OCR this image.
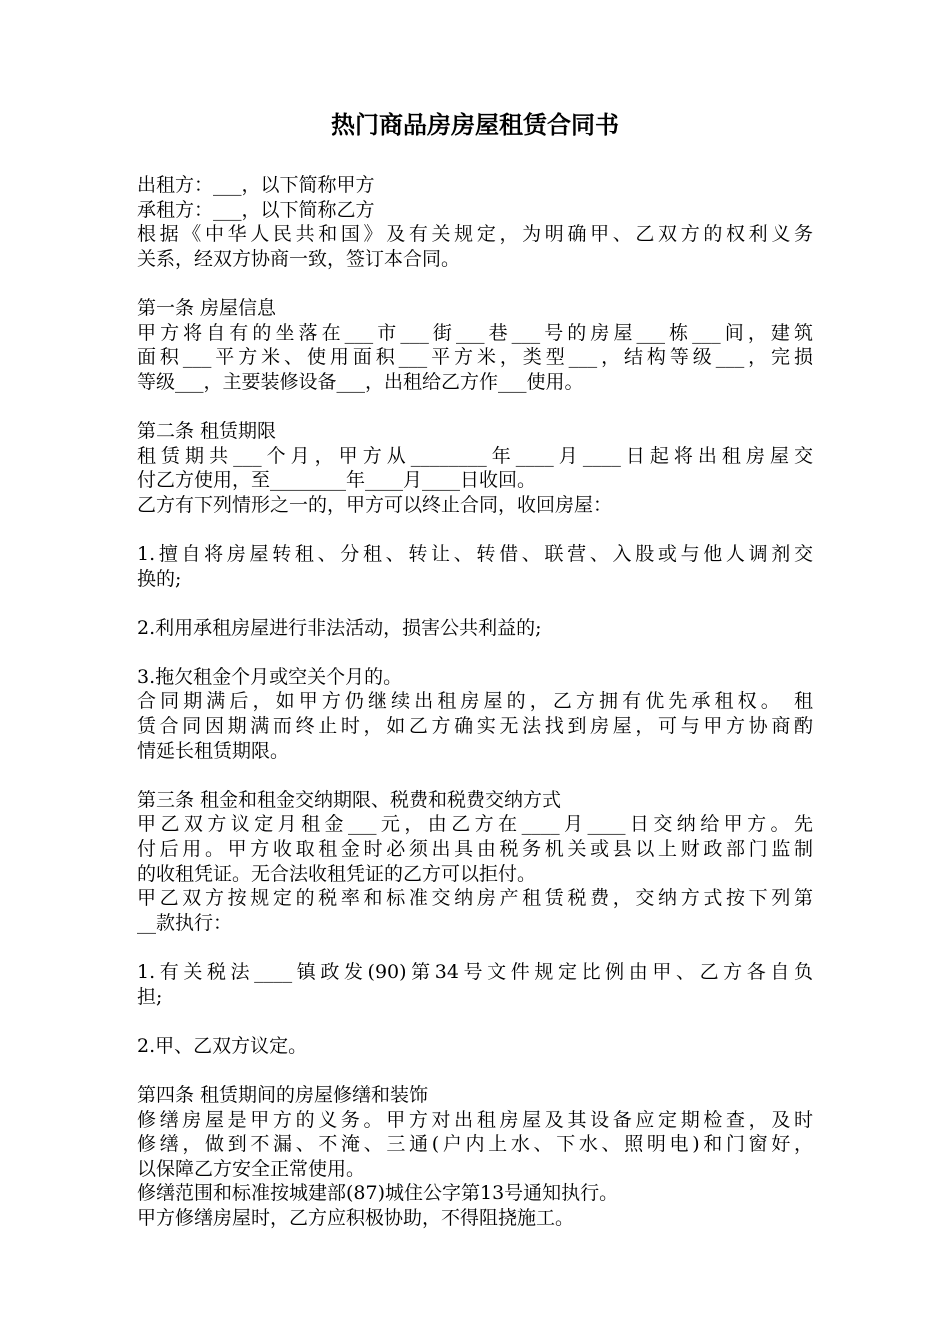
热门商品房房屋租赁合同书
出租方：___，以下简称甲方
承租方：___，以下简称乙方
根据《中华人民共和国》及有关规定，为明确甲、乙双方的权利义务
关系，经双方协商一致，签订本合同。
第一条 房屋信息
甲方将自有的坐落在___市___街___巷___号的房屋___栋___间，建筑
面积___平方米、使用面积___平方米，类型___，结构等级___，完损
等级___，主要装修设备___，出租给乙方作___使用。
第二条 租赁期限
租赁期共___个月，甲方从________年____月____日起将出租房屋交
付乙方使用，至________年____月____日收回。
乙方有下列情形之一的，甲方可以终止合同，收回房屋：
1.擅自将房屋转租、分租、转让、转借、联营、入股或与他人调剂交
换的;
2.利用承租房屋进行非法活动，损害公共利益的;
3.拖欠租金个月或空关个月的。
合同期满后，如甲方仍继续出租房屋的，乙方拥有优先承租权。 租
赁合同因期满而终止时，如乙方确实无法找到房屋，可与甲方协商酌
情延长租赁期限。
第三条 租金和租金交纳期限、税费和税费交纳方式
甲乙双方议定月租金___元，由乙方在____月____日交纳给甲方。先
付后用。甲方收取租金时必须出具由税务机关或县以上财政部门监制
的收租凭证。无合法收租凭证的乙方可以拒付。
甲乙双方按规定的税率和标准交纳房产租赁税费，交纳方式按下列第
__款执行：
1.有关税法____镇政发(90)第34号文件规定比例由甲、乙方各自负
担;
2.甲、乙双方议定。
第四条 租赁期间的房屋修缮和装饰
修缮房屋是甲方的义务。甲方对出租房屋及其设备应定期检查，及时
修缮，做到不漏、不淹、三通(户内上水、下水、照明电)和门窗好，
以保障乙方安全正常使用。
修缮范围和标准按城建部(87)城住公字第13号通知执行。
甲方修缮房屋时，乙方应积极协助，不得阻挠施工。
